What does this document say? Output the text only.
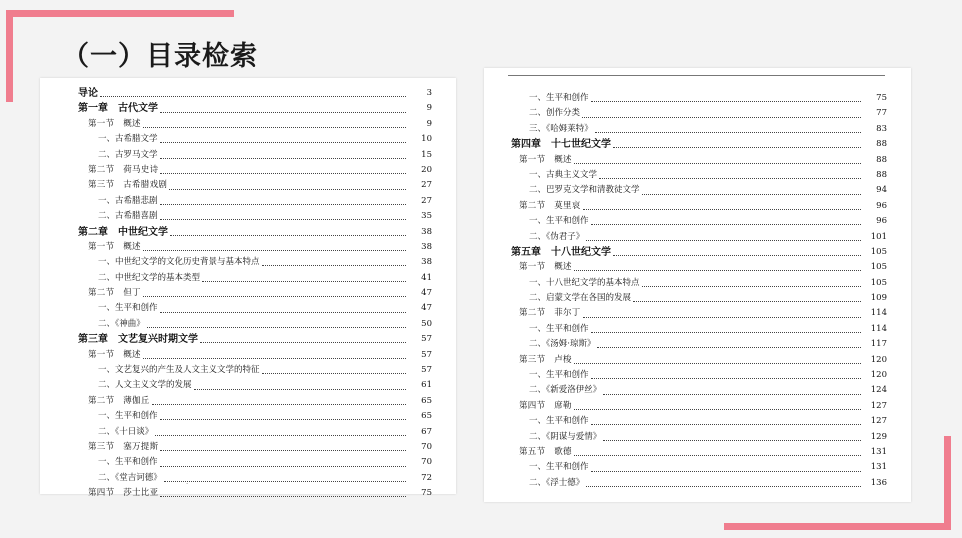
（一）目录检索
导论	3
第一章　古代文学	9
第一节　概述	9
一、古希腊文学	10
二、古罗马文学	15
第二节　荷马史诗	20
第三节　古希腊戏剧	27
一、古希腊悲剧	27
二、古希腊喜剧	35
第二章　中世纪文学	38
第一节　概述	38
一、中世纪文学的文化历史背景与基本特点	38
二、中世纪文学的基本类型	41
第二节　但丁	47
一、生平和创作	47
二、《神曲》	50
第三章　文艺复兴时期文学	57
第一节　概述	57
一、文艺复兴的产生及人文主义文学的特征	57
二、人文主义文学的发展	61
第二节　薄伽丘	65
一、生平和创作	65
二、《十日谈》	67
第三节　塞万提斯	70
一、生平和创作	70
二、《堂吉诃德》	72
第四节　莎士比亚	75
·
一、生平和创作	75
二、创作分类	77
三、《哈姆莱特》	83
第四章　十七世纪文学	88
第一节　概述	88
一、古典主义文学	88
二、巴罗克文学和清教徒文学	94
第二节　莫里哀	96
一、生平和创作	96
二、《伪君子》	101
第五章　十八世纪文学	105
第一节　概述	105
一、十八世纪文学的基本特点	105
二、启蒙文学在各国的发展	109
第二节　菲尔丁	114
一、生平和创作	114
二、《汤姆·琼斯》	117
第三节　卢梭	120
一、生平和创作	120
二、《新爱洛伊丝》	124
第四节　席勒	127
一、生平和创作	127
二、《阴谋与爱情》	129
第五节　歌德	131
一、生平和创作	131
二、《浮士德》	136
